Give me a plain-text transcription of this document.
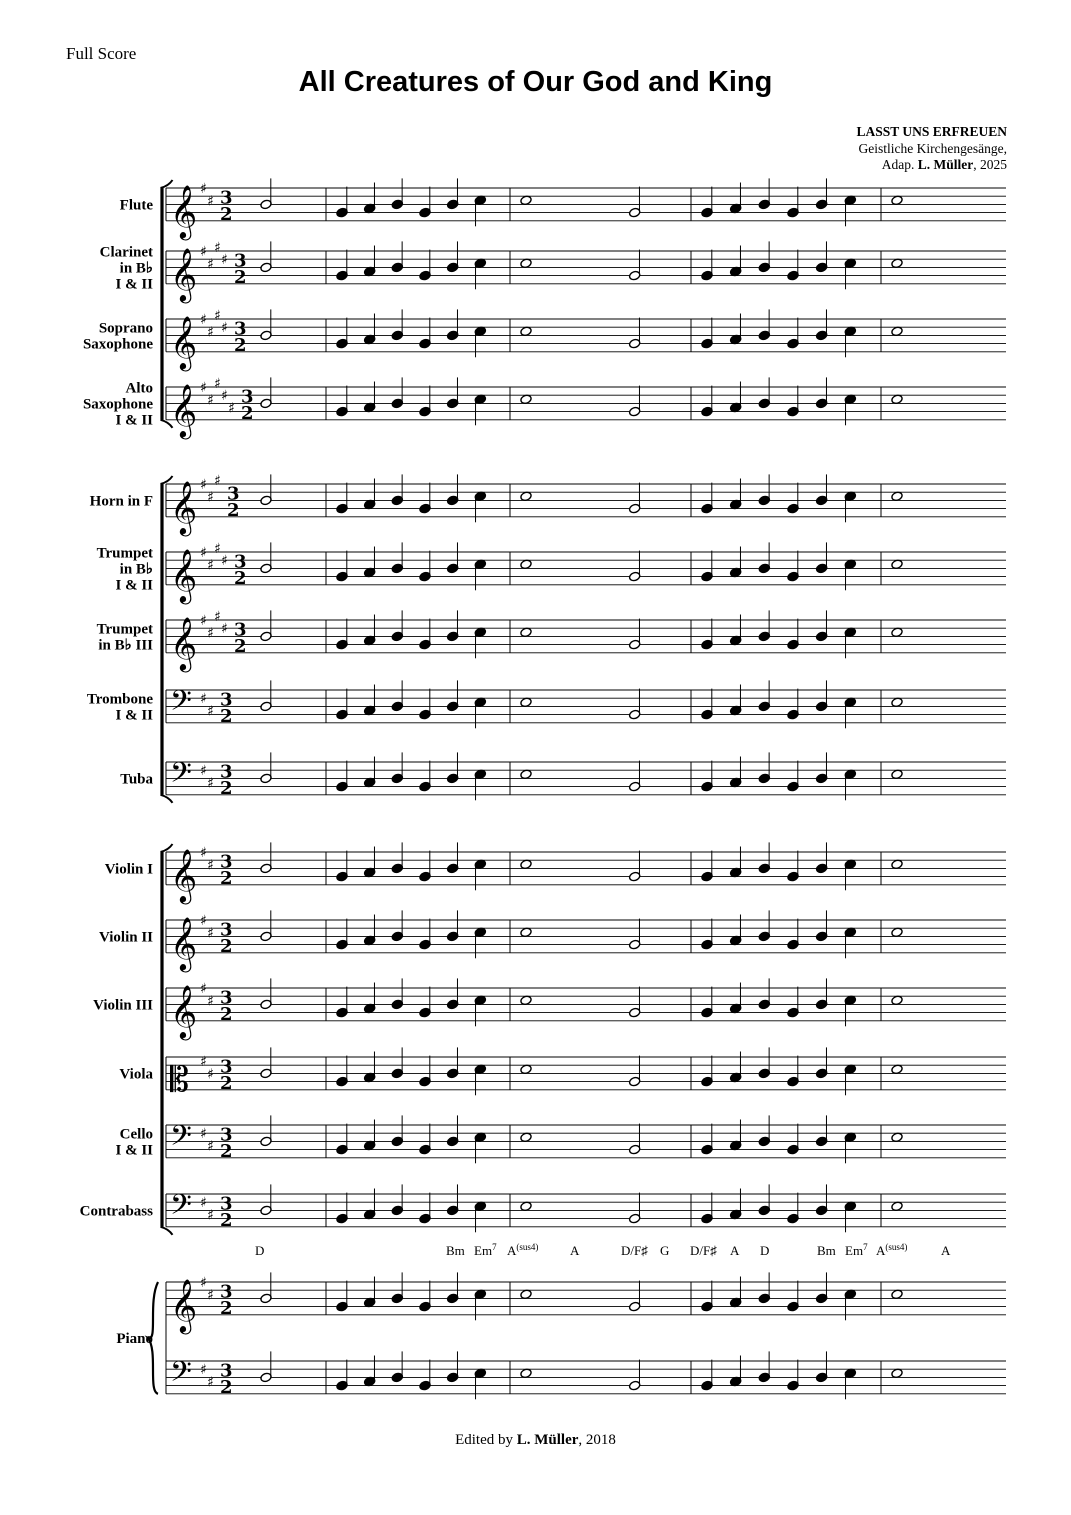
Full Score
All Creatures of Our God and King
LASST UNS ERFREUEN
Geistliche Kirchengesänge,
Adap. L. Müller, 2025
𝄞 ♯
♯ 3
2
Flute
𝄞 ♯
♯
♯
♯ 3
2
Clarinet
in B♭
I & II
𝄞 ♯
♯
♯
♯ 3
2
Soprano
Saxophone
𝄞 ♯
♯
♯
♯
♯
3
2
Alto
Saxophone
I & II
𝄞 ♯
♯
♯
3
2
Horn in F
𝄞 ♯
♯
♯
♯ 3
2
Trumpet
in B♭
I & II
𝄞 ♯
♯
♯
♯ 3
2
Trumpet
in B♭ III
𝄢 ♯
♯
3
2
Trombone
I & II
𝄢 ♯
♯
3
2
Tuba
𝄞 ♯
♯ 3
2
Violin I
𝄞 ♯
♯ 3
2
Violin II
𝄞 ♯
♯ 3
2
Violin III
𝄡 ♯
♯ 3
2
Viola
𝄢 ♯
♯
3
2
Cello
I & II
𝄢 ♯
♯
3
2
Contrabass
𝄞 ♯
♯ 3
2
𝄢 ♯
♯
3
2
Piano
D	Bm Em$^7$ $A^{(sus4)}$ A	D/F♯ G D/F♯ A D	Bm Em$^7$ $A^{(sus4)}$	A
Edited by L. Müller, 2018
